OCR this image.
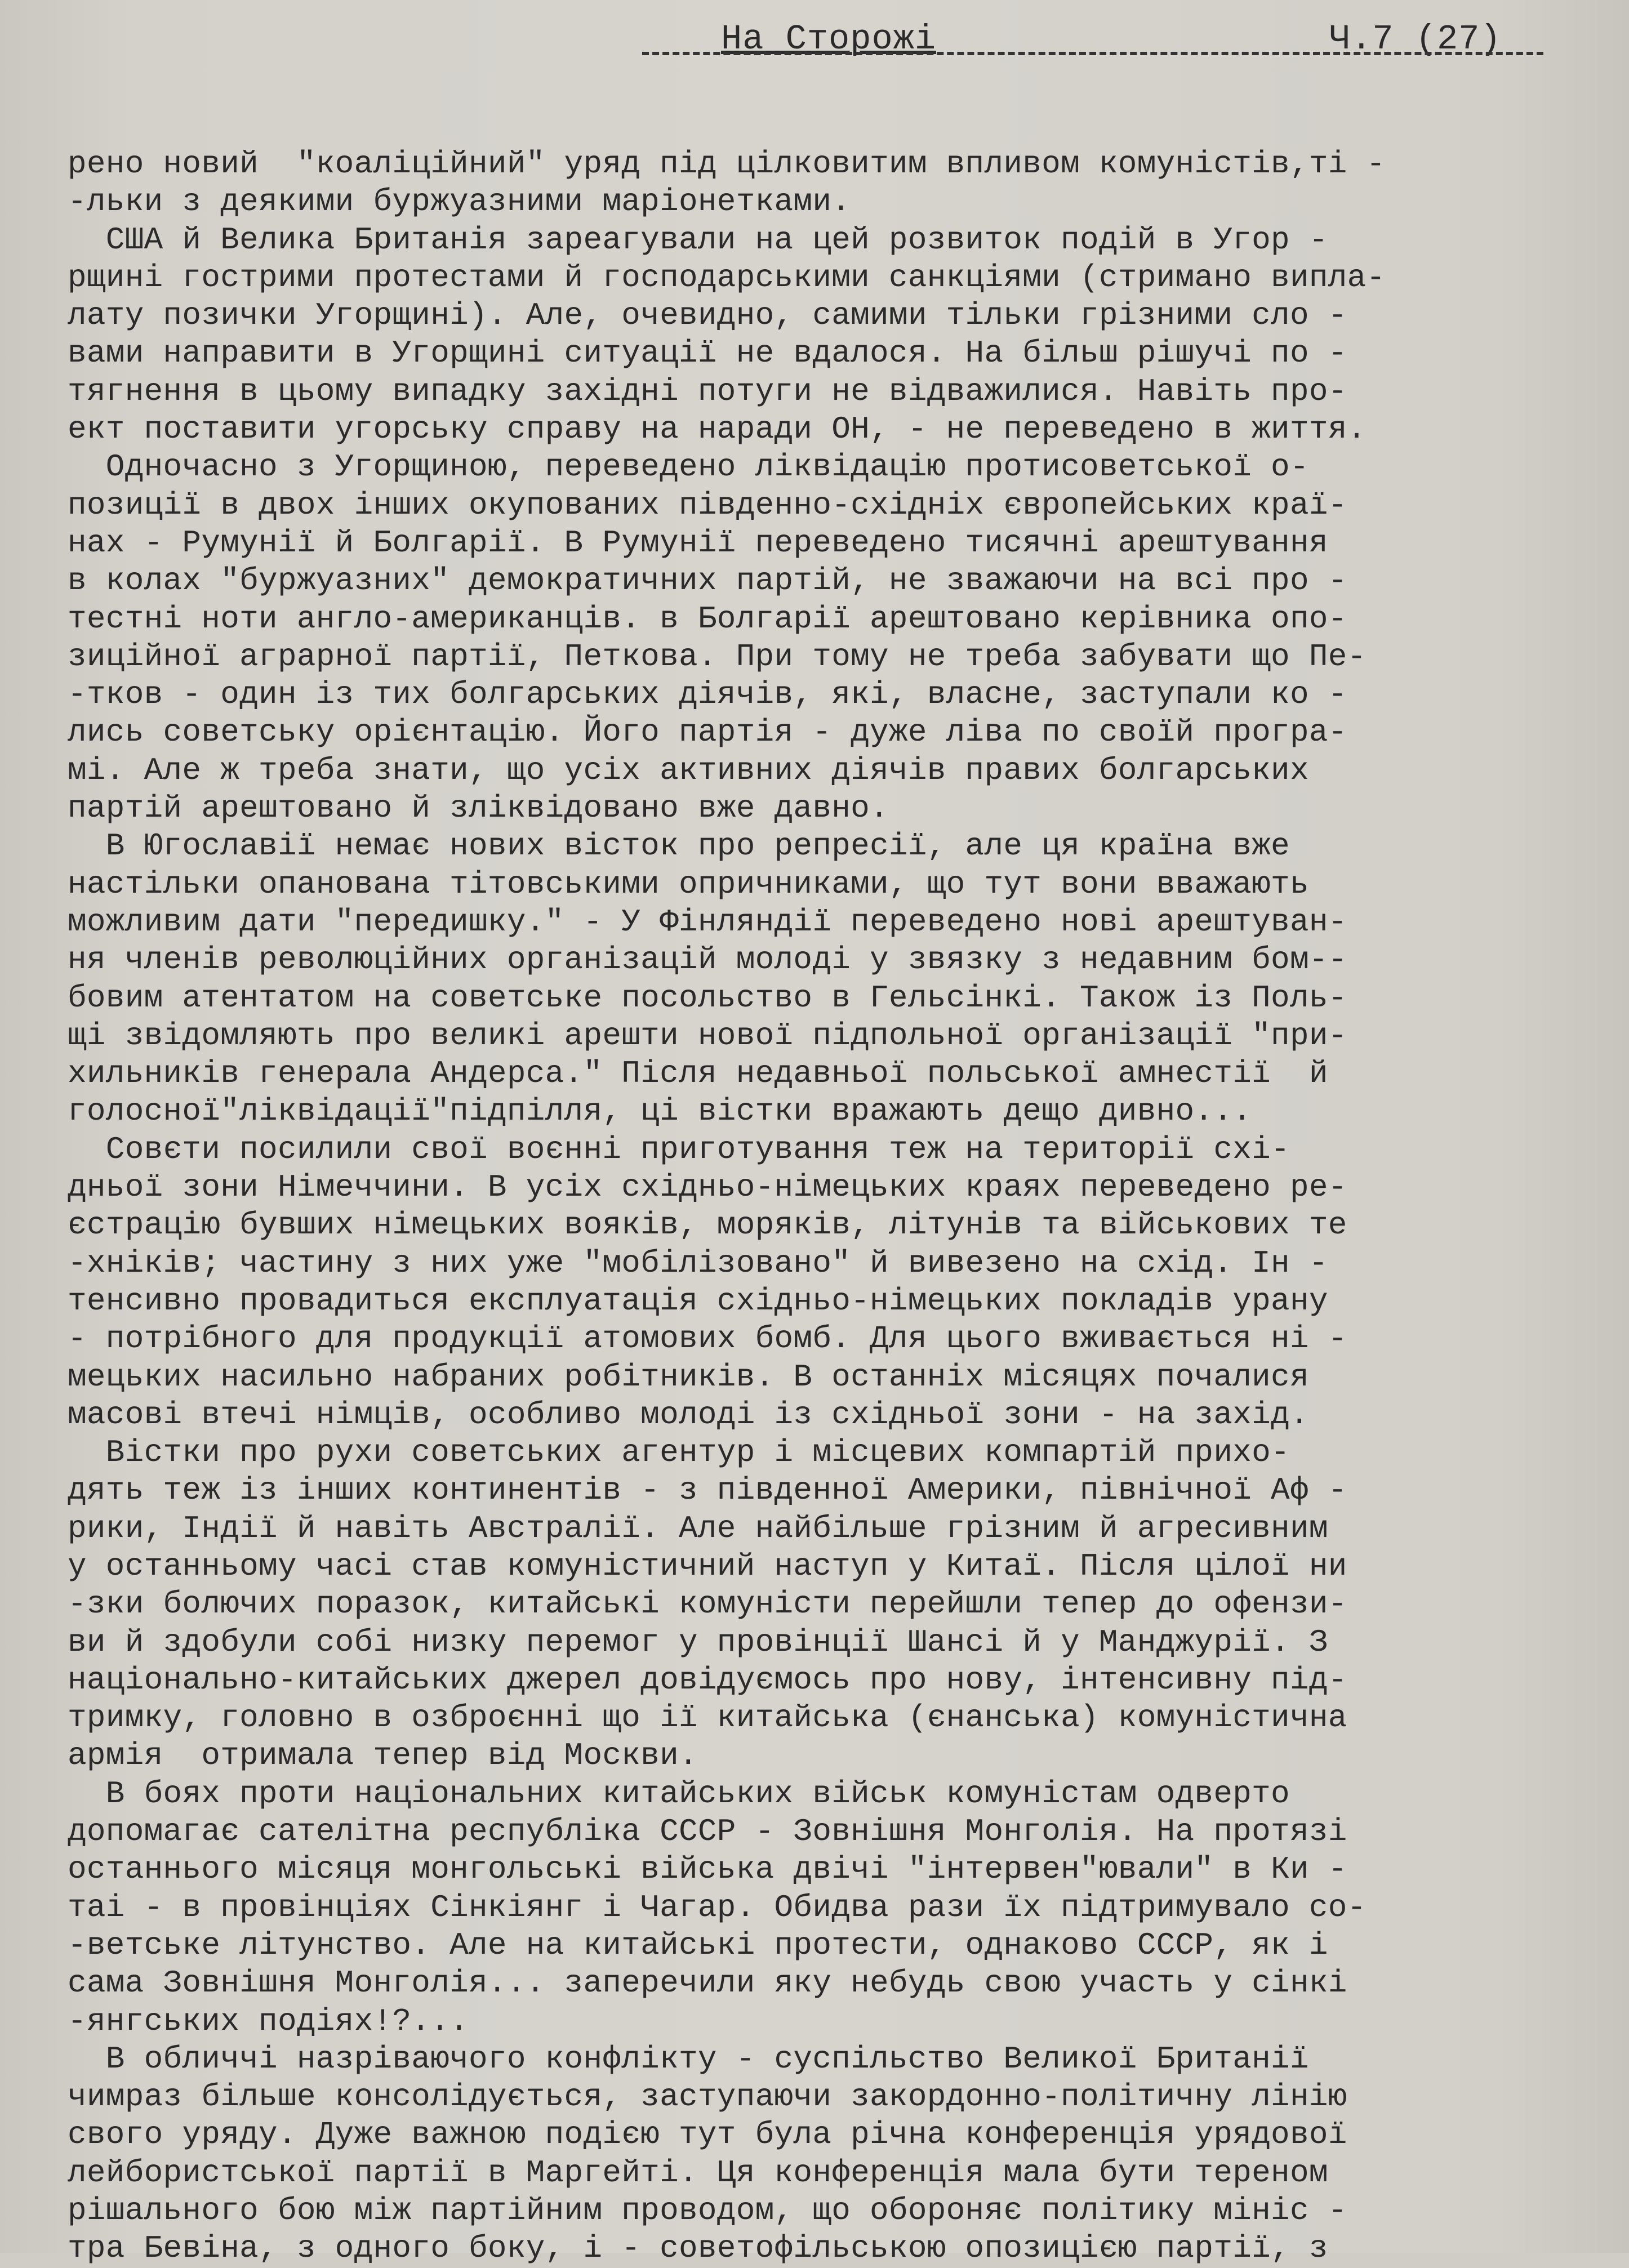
На Сторожі	Ч.7 (27)
рено новий  "коаліційний" уряд під цілковитим впливом комуністів,ті -
-льки з деякими буржуазними маріонетками.
США й Велика Британія зареагували на цей розвиток подій в Угор -
рщині гострими протестами й господарськими санкціями (стримано випла-
лату позички Угорщині). Але, очевидно, самими тільки грізними сло -
вами направити в Угорщині ситуації не вдалося. На більш рішучі по -
тягнення в цьому випадку західні потуги не відважилися. Навіть про-
ект поставити угорську справу на наради ОН, - не переведено в життя.
Одночасно з Угорщиною, переведено ліквідацію протисоветської о-
позиції в двох інших окупованих південно-східніх європейських краї-
нах - Румунії й Болгарії. В Румунії переведено тисячні арештування
в колах "буржуазних" демократичних партій, не зважаючи на всі про -
тестні ноти англо-американців. в Болгарії арештовано керівника опо-
зиційної аграрної партії, Петкова. При тому не треба забувати що Пе-
-тков - один із тих болгарських діячів, які, власне, заступали ко -
лись советську орієнтацію. Його партія - дуже ліва по своїй програ-
мі. Але ж треба знати, що усіх активних діячів правих болгарських
партій арештовано й зліквідовано вже давно.
В Югославії немає нових вісток про репресії, але ця країна вже
настільки опанована тітовськими опричниками, що тут вони вважають
можливим дати "передишку." - У Фінляндії переведено нові арештуван-
ня членів революційних організацій молоді у звязку з недавним бом--
бовим атентатом на советське посольство в Гельсінкі. Також із Поль-
щі звідомляють про великі арешти нової підпольної організації "при-
хильників генерала Андерса." Після недавньої польської амнестії  й
голосної"ліквідації"підпілля, ці вістки вражають дещо дивно...
Совєти посилили свої воєнні приготування теж на території схі-
дньої зони Німеччини. В усіх східньо-німецьких краях переведено ре-
єстрацію бувших німецьких вояків, моряків, літунів та військових те
-хніків; частину з них уже "мобілізовано" й вивезено на схід. Ін -
тенсивно провадиться експлуатація східньо-німецьких покладів урану
- потрібного для продукції атомових бомб. Для цього вживається ні -
мецьких насильно набраних робітників. В останніх місяцях почалися
масові втечі німців, особливо молоді із східньої зони - на захід.
Вістки про рухи советських агентур і місцевих компартій прихо-
дять теж із інших континентів - з південної Америки, північної Аф -
рики, Індії й навіть Австралії. Але найбільше грізним й агресивним
у останньому часі став комуністичний наступ у Китаї. Після цілої ни
-зки болючих поразок, китайські комуністи перейшли тепер до офензи-
ви й здобули собі низку перемог у провінції Шансі й у Манджурії. З
національно-китайських джерел довідуємось про нову, інтенсивну під-
тримку, головно в озброєнні що ії китайська (єнанська) комуністична
армія  отримала тепер від Москви.
В боях проти національних китайських військ комуністам одверто
допомагає сателітна республіка СССР - Зовнішня Монголія. На протязі
останнього місяця монгольські війська двічі "інтервен"ювали" в Ки -
таі - в провінціях Сінкіянг і Чагар. Обидва рази їх підтримувало со-
-ветське літунство. Але на китайські протести, однаково СССР, як і
сама Зовнішня Монголія... заперечили яку небудь свою участь у сінкі
-янгських подіях!?...
В обличчі назріваючого конфлікту - суспільство Великої Британії
чимраз більше консолідується, заступаючи закордонно-політичну лінію
свого уряду. Дуже важною подією тут була річна конференція урядової
лейбористської партії в Маргейті. Ця конференція мала бути тереном
рішального бою між партійним проводом, що обороняє політику мініс -
тра Бевіна, з одного боку, і - советофільською опозицією партії, з
